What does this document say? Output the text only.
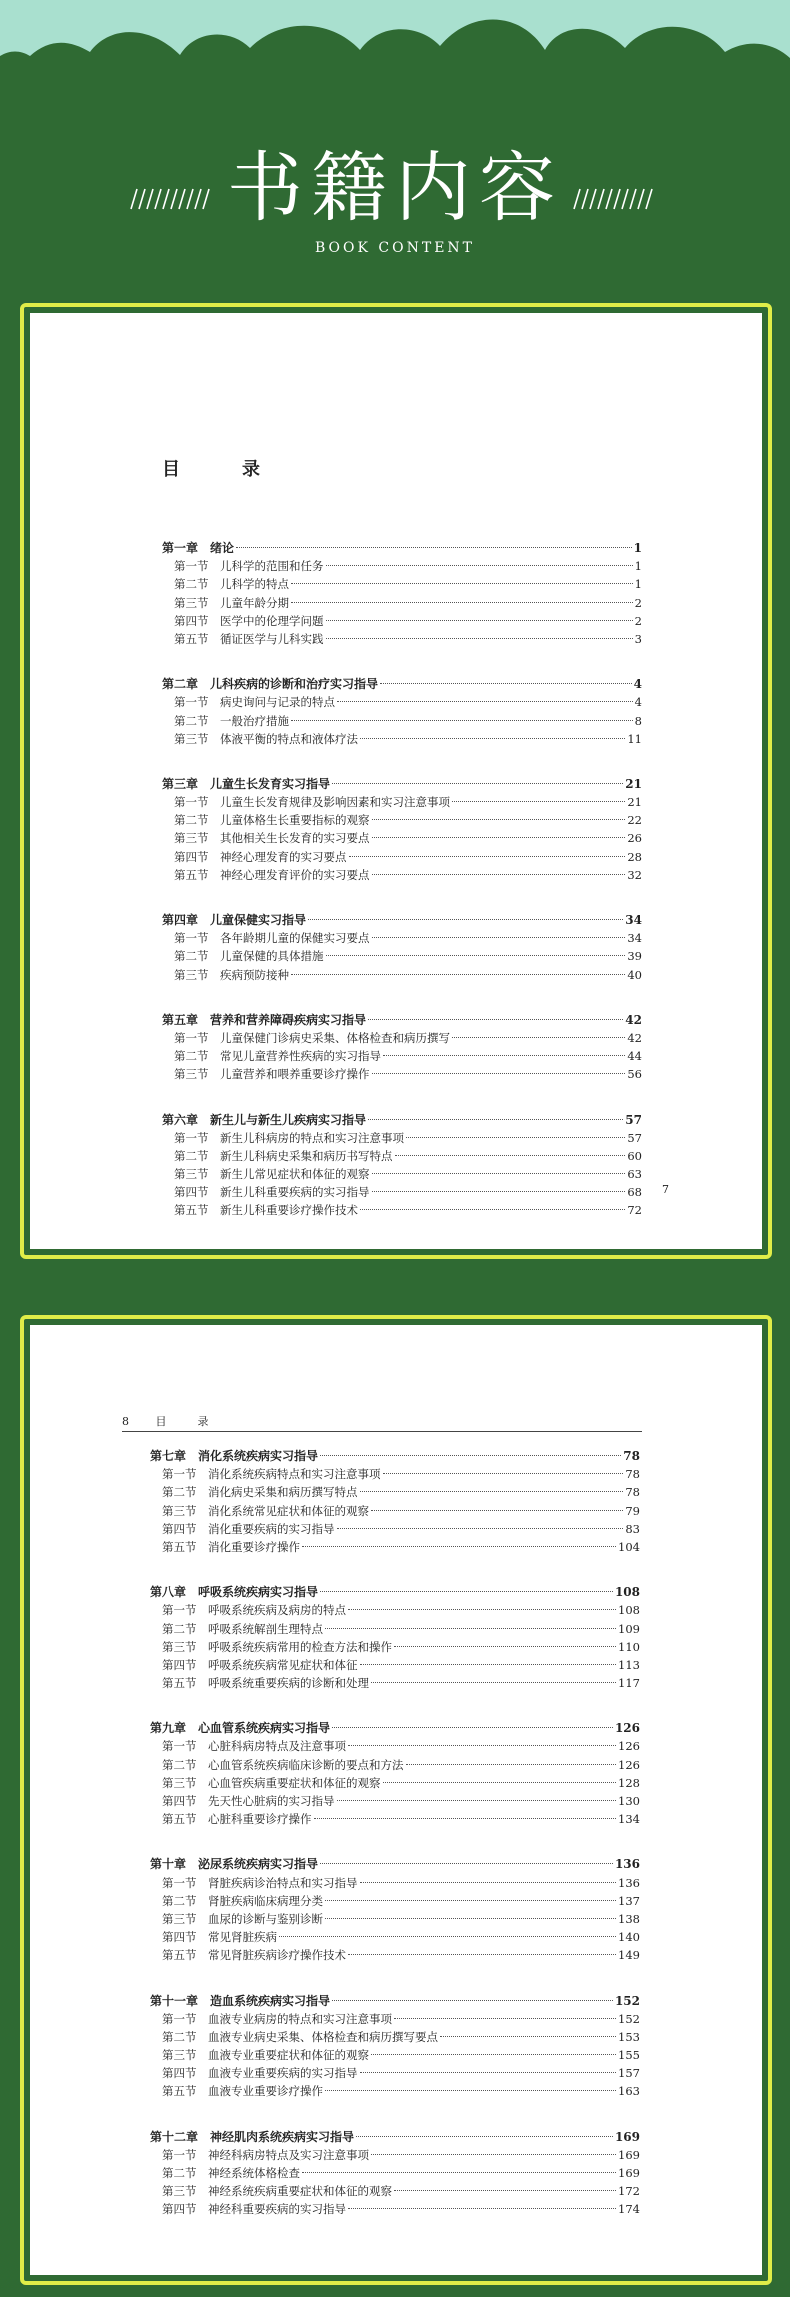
书籍内容
BOOK CONTENT
目　录
第一章　绪论	1
第一节　儿科学的范围和任务	1
第二节　儿科学的特点	1
第三节　儿童年龄分期	2
第四节　医学中的伦理学问题	2
第五节　循证医学与儿科实践	3
第二章　儿科疾病的诊断和治疗实习指导	4
第一节　病史询问与记录的特点	4
第二节　一般治疗措施	8
第三节　体液平衡的特点和液体疗法	11
第三章　儿童生长发育实习指导	21
第一节　儿童生长发育规律及影响因素和实习注意事项	21
第二节　儿童体格生长重要指标的观察	22
第三节　其他相关生长发育的实习要点	26
第四节　神经心理发育的实习要点	28
第五节　神经心理发育评价的实习要点	32
第四章　儿童保健实习指导	34
第一节　各年龄期儿童的保健实习要点	34
第二节　儿童保健的具体措施	39
第三节　疾病预防接种	40
第五章　营养和营养障碍疾病实习指导	42
第一节　儿童保健门诊病史采集、体格检查和病历撰写	42
第二节　常见儿童营养性疾病的实习指导	44
第三节　儿童营养和喂养重要诊疗操作	56
第六章　新生儿与新生儿疾病实习指导	57
第一节　新生儿科病房的特点和实习注意事项	57
第二节　新生儿科病史采集和病历书写特点	60
第三节　新生儿常见症状和体征的观察	63
第四节　新生儿科重要疾病的实习指导	68
第五节　新生儿科重要诊疗操作技术	72
7
8 目　录
第七章　消化系统疾病实习指导	78
第一节　消化系统疾病特点和实习注意事项	78
第二节　消化病史采集和病历撰写特点	78
第三节　消化系统常见症状和体征的观察	79
第四节　消化重要疾病的实习指导	83
第五节　消化重要诊疗操作	104
第八章　呼吸系统疾病实习指导	108
第一节　呼吸系统疾病及病房的特点	108
第二节　呼吸系统解剖生理特点	109
第三节　呼吸系统疾病常用的检查方法和操作	110
第四节　呼吸系统疾病常见症状和体征	113
第五节　呼吸系统重要疾病的诊断和处理	117
第九章　心血管系统疾病实习指导	126
第一节　心脏科病房特点及注意事项	126
第二节　心血管系统疾病临床诊断的要点和方法	126
第三节　心血管疾病重要症状和体征的观察	128
第四节　先天性心脏病的实习指导	130
第五节　心脏科重要诊疗操作	134
第十章　泌尿系统疾病实习指导	136
第一节　肾脏疾病诊治特点和实习指导	136
第二节　肾脏疾病临床病理分类	137
第三节　血尿的诊断与鉴别诊断	138
第四节　常见肾脏疾病	140
第五节　常见肾脏疾病诊疗操作技术	149
第十一章　造血系统疾病实习指导	152
第一节　血液专业病房的特点和实习注意事项	152
第二节　血液专业病史采集、体格检查和病历撰写要点	153
第三节　血液专业重要症状和体征的观察	155
第四节　血液专业重要疾病的实习指导	157
第五节　血液专业重要诊疗操作	163
第十二章　神经肌肉系统疾病实习指导	169
第一节　神经科病房特点及实习注意事项	169
第二节　神经系统体格检查	169
第三节　神经系统疾病重要症状和体征的观察	172
第四节　神经科重要疾病的实习指导	174
